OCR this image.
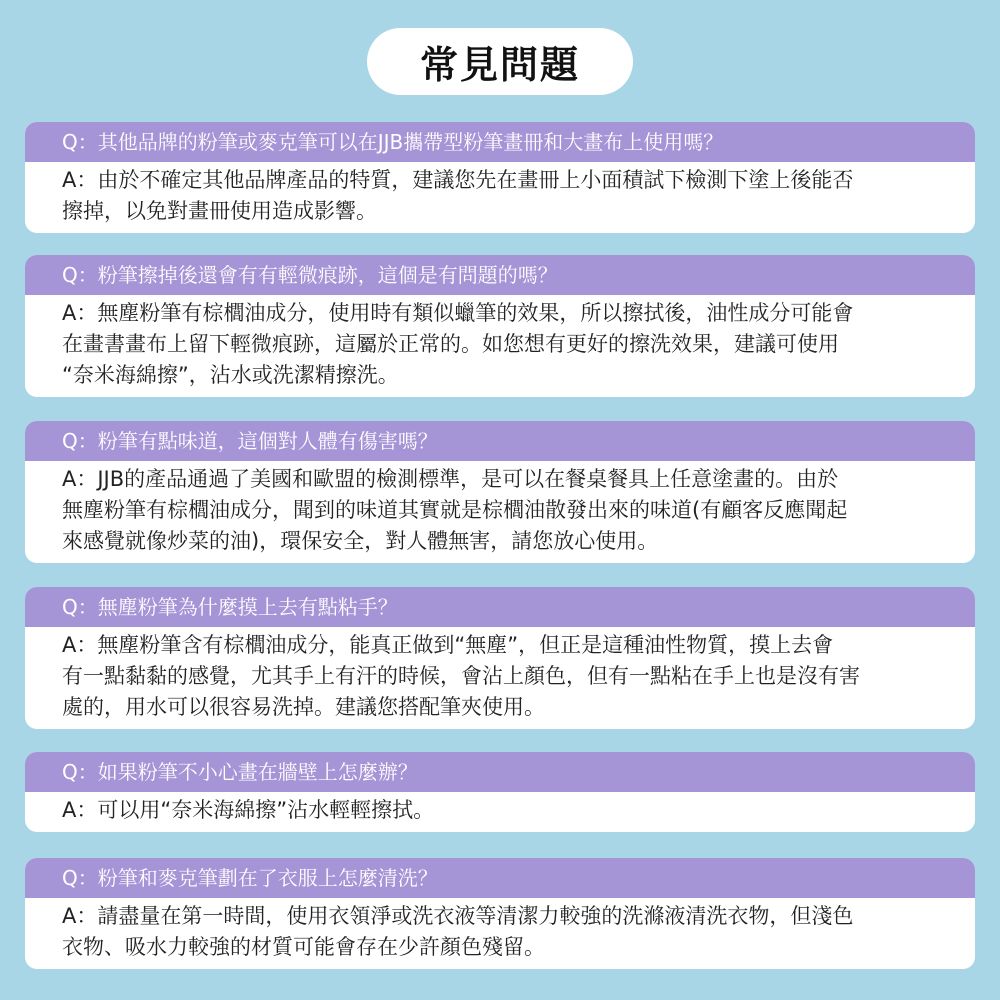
常見問題
Q：其他品牌的粉筆或麥克筆可以在JJB攜帶型粉筆畫冊和大畫布上使用嗎？
A：由於不確定其他品牌產品的特質，建議您先在畫冊上小面積試下檢測下塗上後能否
擦掉，以免對畫冊使用造成影響。
Q：粉筆擦掉後還會有有輕微痕跡，這個是有問題的嗎？
A：無塵粉筆有棕櫚油成分，使用時有類似蠟筆的效果，所以擦拭後，油性成分可能會
在畫書畫布上留下輕微痕跡，這屬於正常的。如您想有更好的擦洗效果，建議可使用
“奈米海綿擦”，沾水或洗潔精擦洗。
Q：粉筆有點味道，這個對人體有傷害嗎？
A：JJB的產品通過了美國和歐盟的檢測標準，是可以在餐桌餐具上任意塗畫的。由於
無塵粉筆有棕櫚油成分，聞到的味道其實就是棕櫚油散發出來的味道(有顧客反應聞起
來感覺就像炒菜的油)，環保安全，對人體無害，請您放心使用。
Q：無塵粉筆為什麼摸上去有點粘手？
A：無塵粉筆含有棕櫚油成分，能真正做到“無塵”，但正是這種油性物質，摸上去會
有一點黏黏的感覺，尤其手上有汗的時候，會沾上顏色，但有一點粘在手上也是沒有害
處的，用水可以很容易洗掉。建議您搭配筆夾使用。
Q：如果粉筆不小心畫在牆壁上怎麼辦？
A：可以用“奈米海綿擦”沾水輕輕擦拭。
Q：粉筆和麥克筆劃在了衣服上怎麼清洗？
A：請盡量在第一時間，使用衣領淨或洗衣液等清潔力較強的洗滌液清洗衣物，但淺色
衣物、吸水力較強的材質可能會存在少許顏色殘留。
